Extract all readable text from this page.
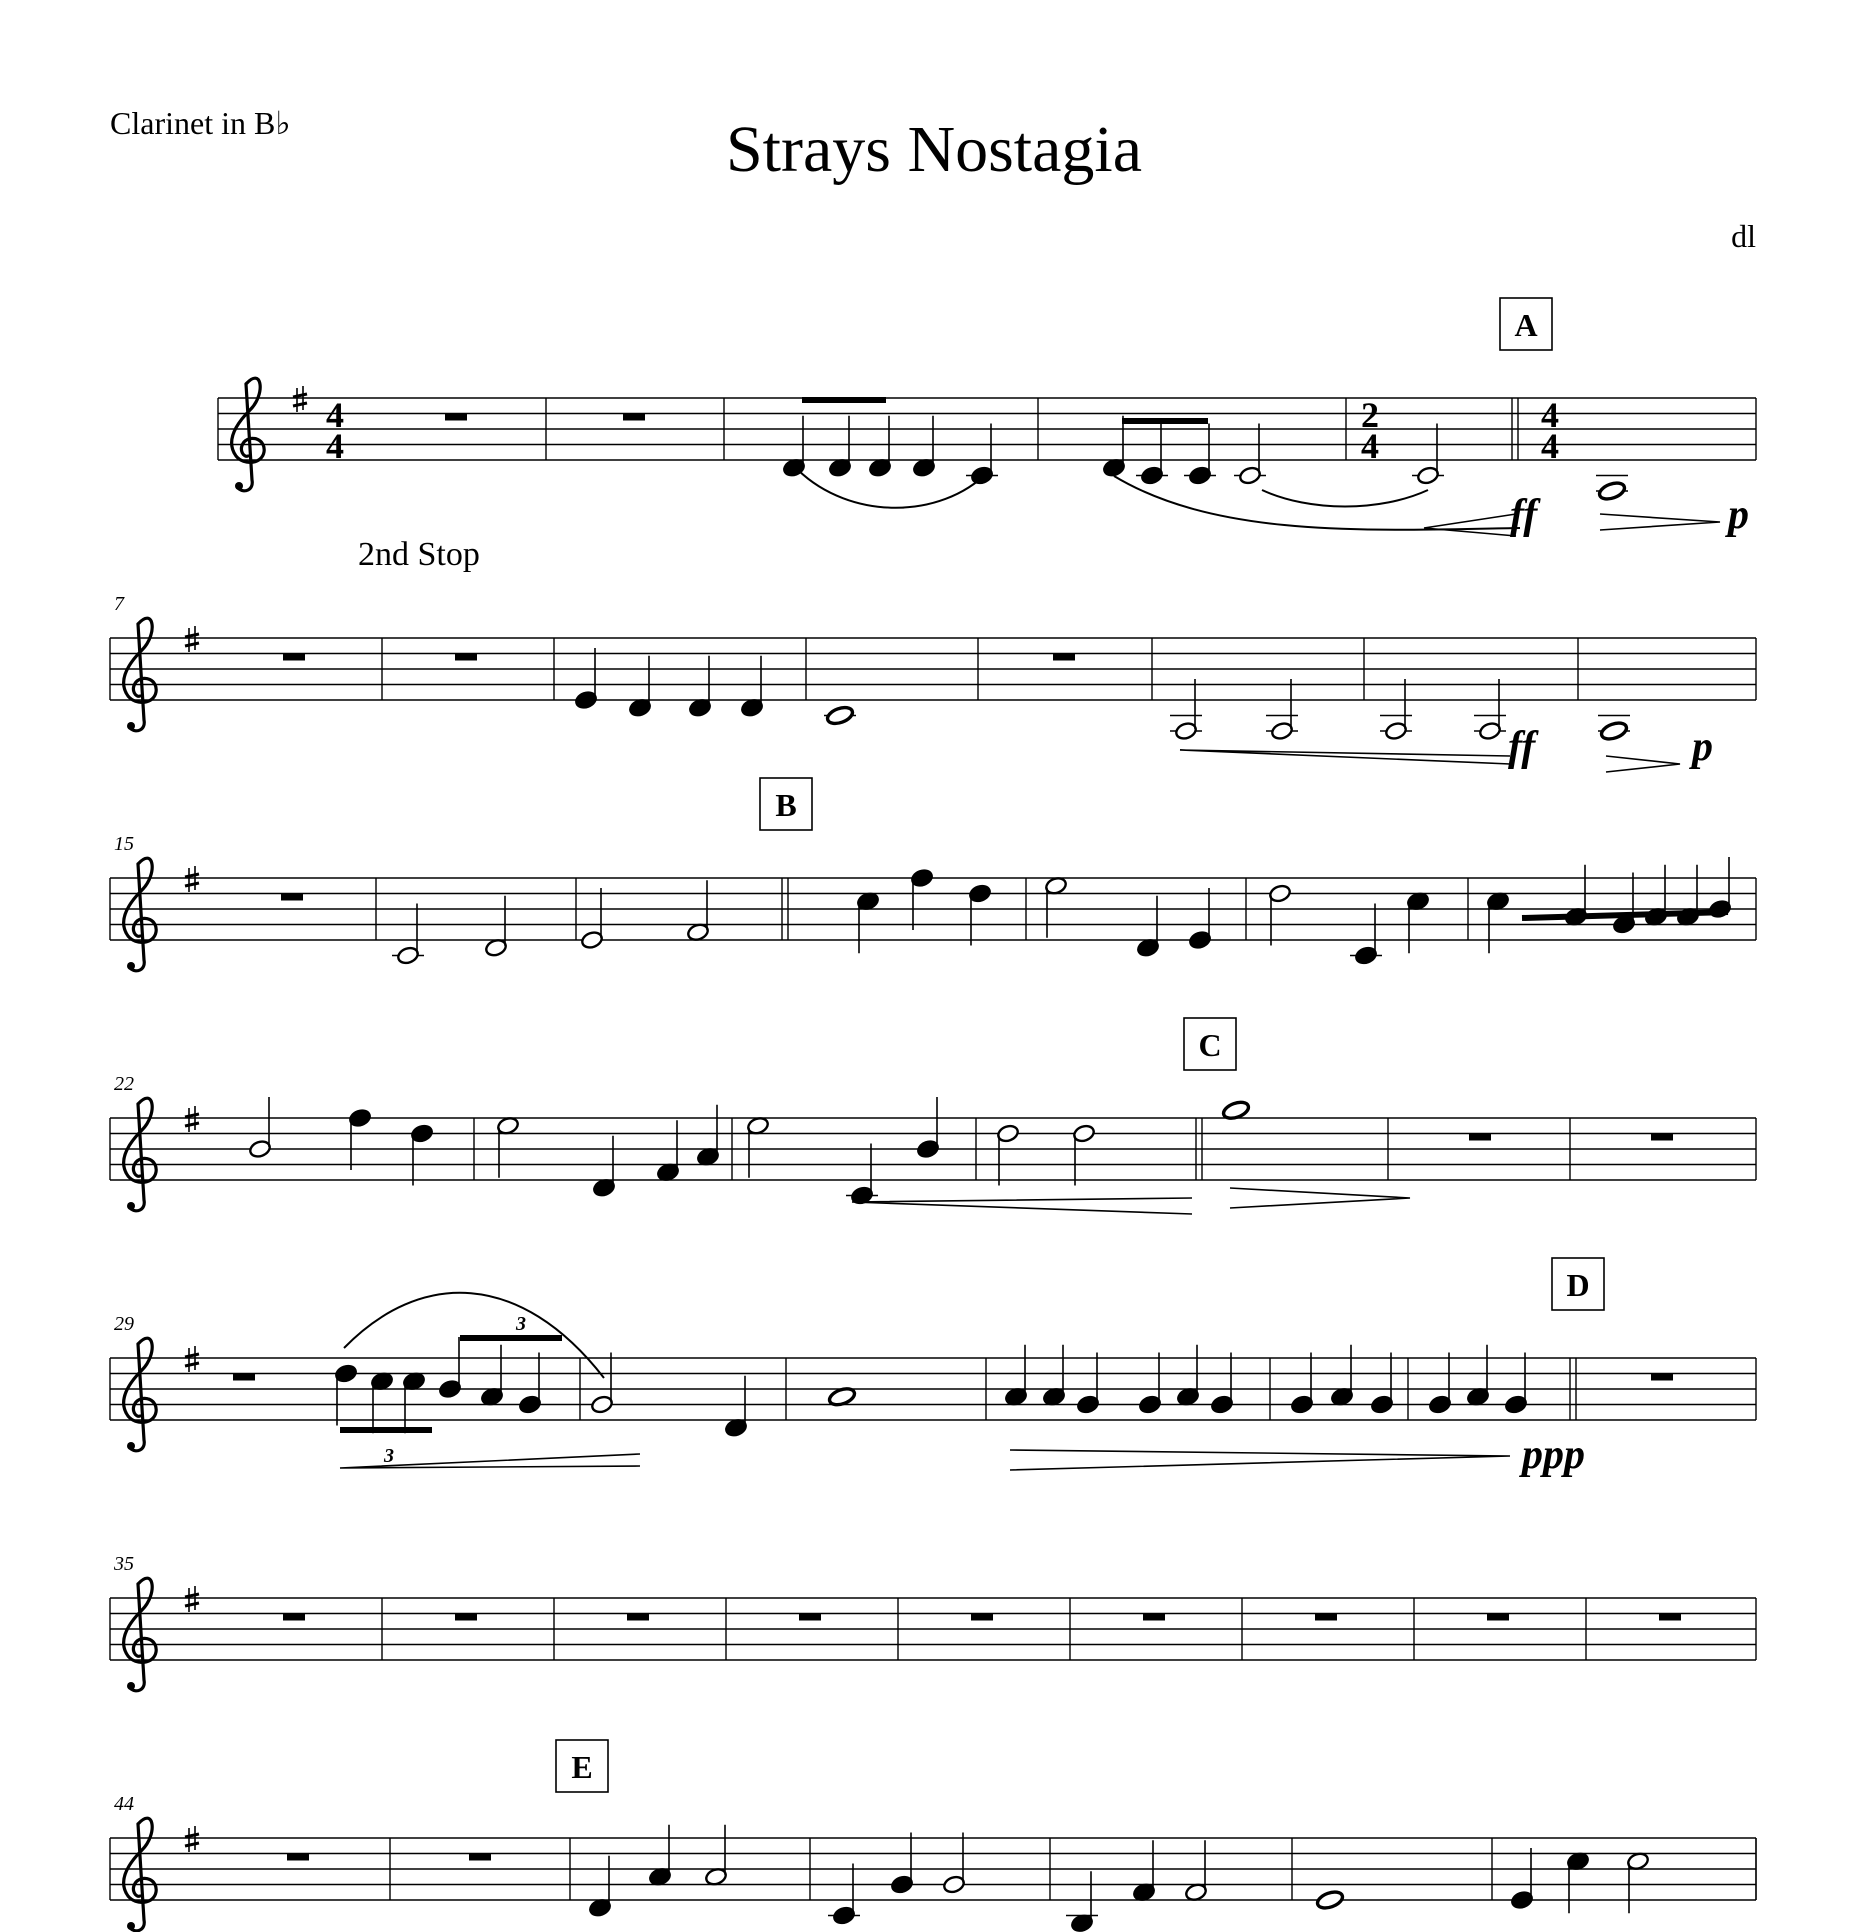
Clarinet in B♭	Strays Nostagia
dl
2nd Stop
A
B
C
D
E
7
15
22
29
35
44
ff	p
ff	p
ppp
3
3
4
4
2
4
4
4
